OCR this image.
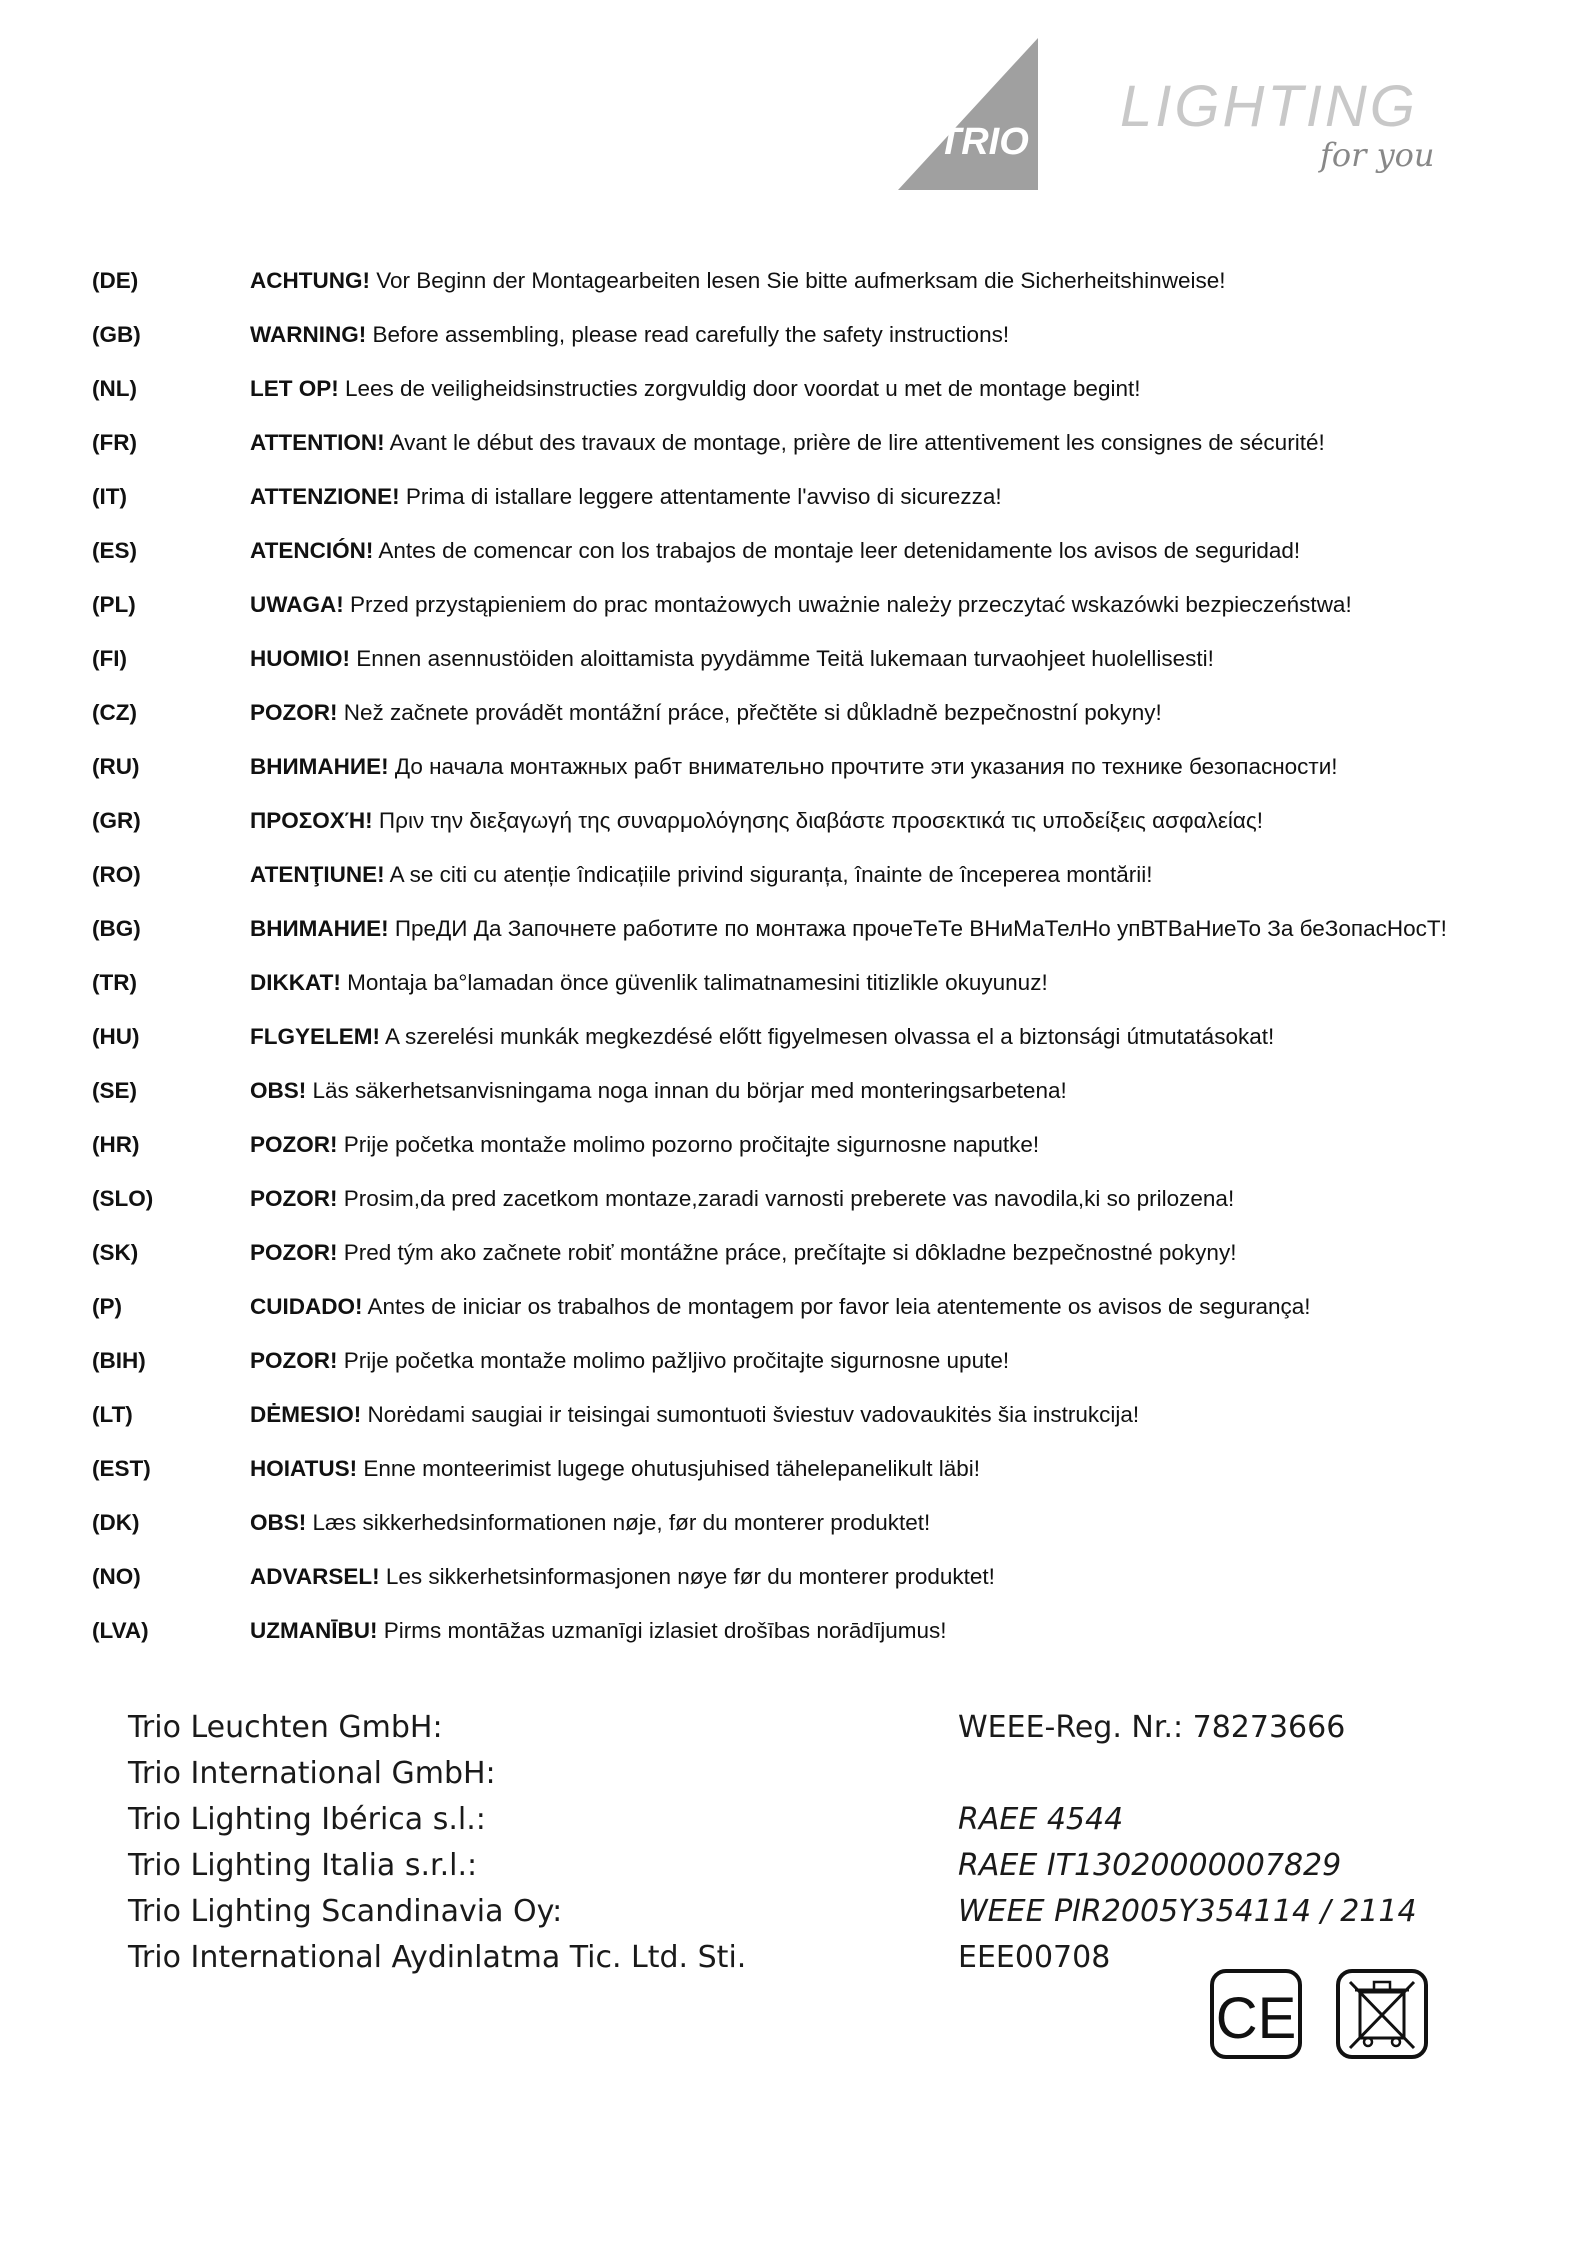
TRIO
LIGHTING
for you
(DE)	ACHTUNG! Vor Beginn der Montagearbeiten lesen Sie bitte aufmerksam die Sicherheitshinweise!
(GB)	WARNING! Before assembling, please read carefully the safety instructions!
(NL)	LET OP! Lees de veiligheidsinstructies zorgvuldig door voordat u met de montage begint!
(FR)	ATTENTION! Avant le début des travaux de montage, prière de lire attentivement les consignes de sécurité!
(IT)	ATTENZIONE! Prima di istallare leggere attentamente l'avviso di sicurezza!
(ES)	ATENCIÓN! Antes de comencar con los trabajos de montaje leer detenidamente los avisos de seguridad!
(PL)	UWAGA! Przed przystąpieniem do prac montażowych uważnie należy przeczytać wskazówki bezpieczeństwa!
(FI)	HUOMIO! Ennen asennustöiden aloittamista pyydämme Teitä lukemaan turvaohjeet huolellisesti!
(CZ)	POZOR! Než začnete provádět montážní práce, přečtěte si důkladně bezpečnostní pokyny!
(RU)	ВНИМАНИЕ! До начала монтажных рабт внимательно прочтите эти указания по технике безопасности!
(GR)	ΠΡΟΣΟΧΉ! Πριν την διεξαγωγή της συναρμολόγησης διαβάστε προσεκτικά τις υποδείξεις ασφαλείας!
(RO)	ATENŢIUNE! A se citi cu atenție îndicațiile privind siguranța, înainte de începerea montării!
(BG)	ВНИМАНИЕ! ПреДИ Да Започнете работите по монтажа прочеТеТе ВНиМаТелНо упВТВаНиеТо За беЗопасНосТ!
(TR)	DIKKAT! Montaja ba°lamadan önce güvenlik talimatnamesini titizlikle okuyunuz!
(HU)	FLGYELEM! A szerelési munkák megkezdésé előtt figyelmesen olvassa el a biztonsági útmutatásokat!
(SE)	OBS! Läs säkerhetsanvisningama noga innan du börjar med monteringsarbetena!
(HR)	POZOR! Prije početka montaže molimo pozorno pročitajte sigurnosne naputke!
(SLO)	POZOR! Prosim,da pred zacetkom montaze,zaradi varnosti preberete vas navodila,ki so prilozena!
(SK)	POZOR! Pred tým ako začnete robiť montážne práce, prečítajte si dôkladne bezpečnostné pokyny!
(P)	CUIDADO! Antes de iniciar os trabalhos de montagem por favor leia atentemente os avisos de segurança!
(BIH)	POZOR! Prije početka montaže molimo pažljivo pročitajte sigurnosne upute!
(LT)	DĖMESIO! Norėdami saugiai ir teisingai sumontuoti šviestuv vadovaukitės šia instrukcija!
(EST)	HOIATUS! Enne monteerimist lugege ohutusjuhised tähelepanelikult läbi!
(DK)	OBS! Læs sikkerhedsinformationen nøje, før du monterer produktet!
(NO)	ADVARSEL! Les sikkerhetsinformasjonen nøye før du monterer produktet!
(LVA)	UZMANĪBU! Pirms montāžas uzmanīgi izlasiet drošības norādījumus!
Trio Leuchten GmbH:	WEEE-Reg. Nr.: 78273666
Trio International GmbH:
Trio Lighting Ibérica s.l.:	RAEE 4544
Trio Lighting Italia s.r.l.:	RAEE IT13020000007829
Trio Lighting Scandinavia Oy:	WEEE PIR2005Y354114 / 2114
Trio International Aydinlatma Tic. Ltd. Sti.	EEE00708
CE
